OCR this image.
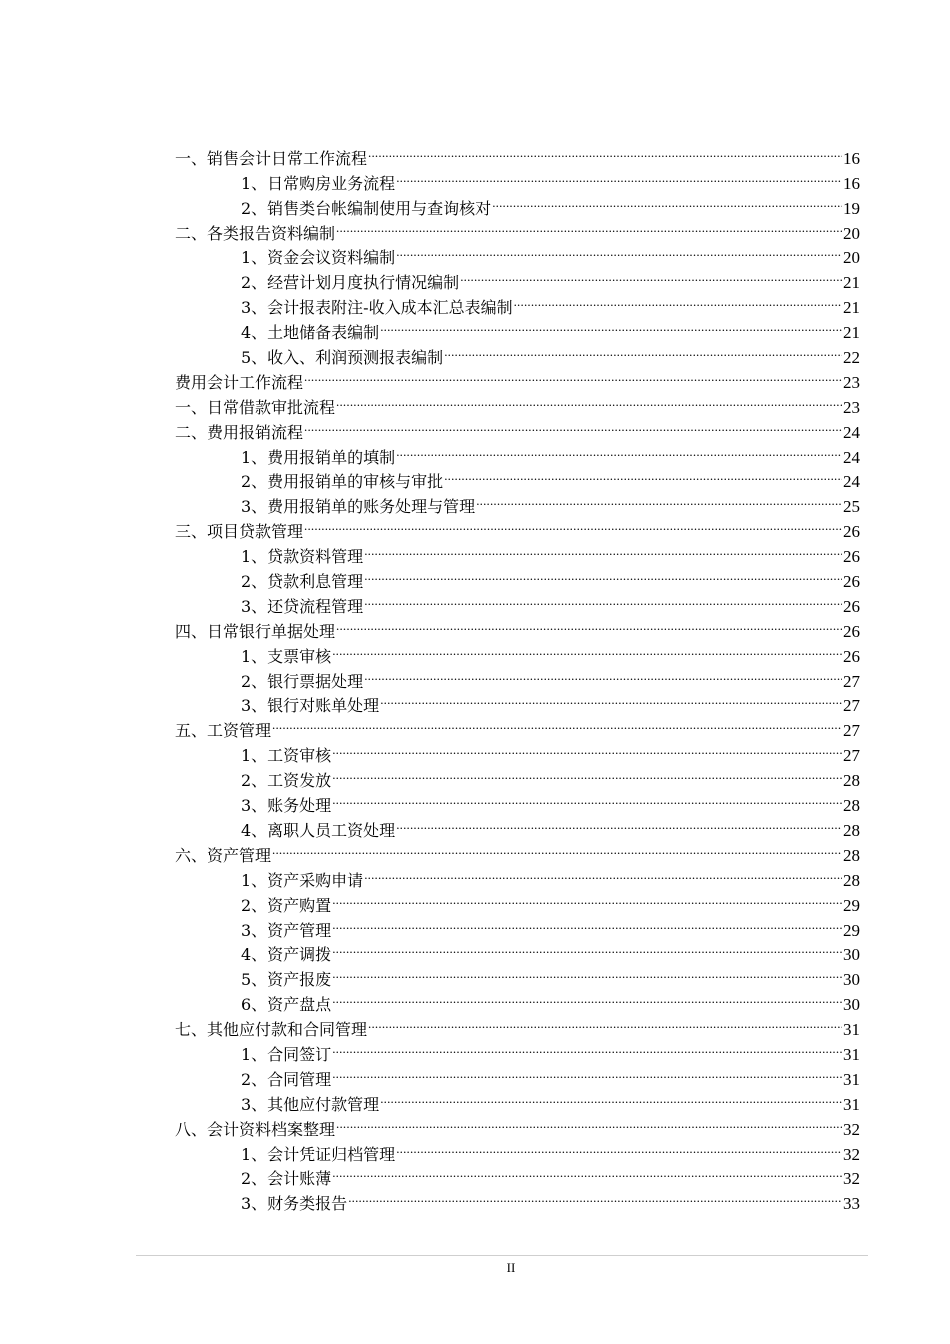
一、销售会计日常工作流程 .....	16
1、日常购房业务流程 .....	16
2、销售类台帐编制使用与查询核对 .....	19
二、各类报告资料编制 .....	20
1、资金会议资料编制 .....	20
2、经营计划月度执行情况编制 .....	21
3、会计报表附注-收入成本汇总表编制 .....	21
4、土地储备表编制 .....	21
5、收入、利润预测报表编制 .....	22
费用会计工作流程 .....	23
一、日常借款审批流程 .....	23
二、费用报销流程 .....	24
1、费用报销单的填制 .....	24
2、费用报销单的审核与审批 .....	24
3、费用报销单的账务处理与管理 .....	25
三、项目贷款管理 .....	26
1、贷款资料管理 .....	26
2、贷款利息管理 .....	26
3、还贷流程管理 .....	26
四、日常银行单据处理 .....	26
1、支票审核 .....	26
2、银行票据处理 .....	27
3、银行对账单处理 .....	27
五、工资管理 .....	27
1、工资审核 .....	27
2、工资发放 .....	28
3、账务处理 .....	28
4、离职人员工资处理 .....	28
六、资产管理 .....	28
1、资产采购申请 .....	28
2、资产购置 .....	29
3、资产管理 .....	29
4、资产调拨 .....	30
5、资产报废 .....	30
6、资产盘点 .....	30
七、其他应付款和合同管理 .....	31
1、合同签订 .....	31
2、合同管理 .....	31
3、其他应付款管理 .....	31
八、会计资料档案整理 .....	32
1、会计凭证归档管理 .....	32
2、会计账薄 .....	32
3、财务类报告 .....	33
II
